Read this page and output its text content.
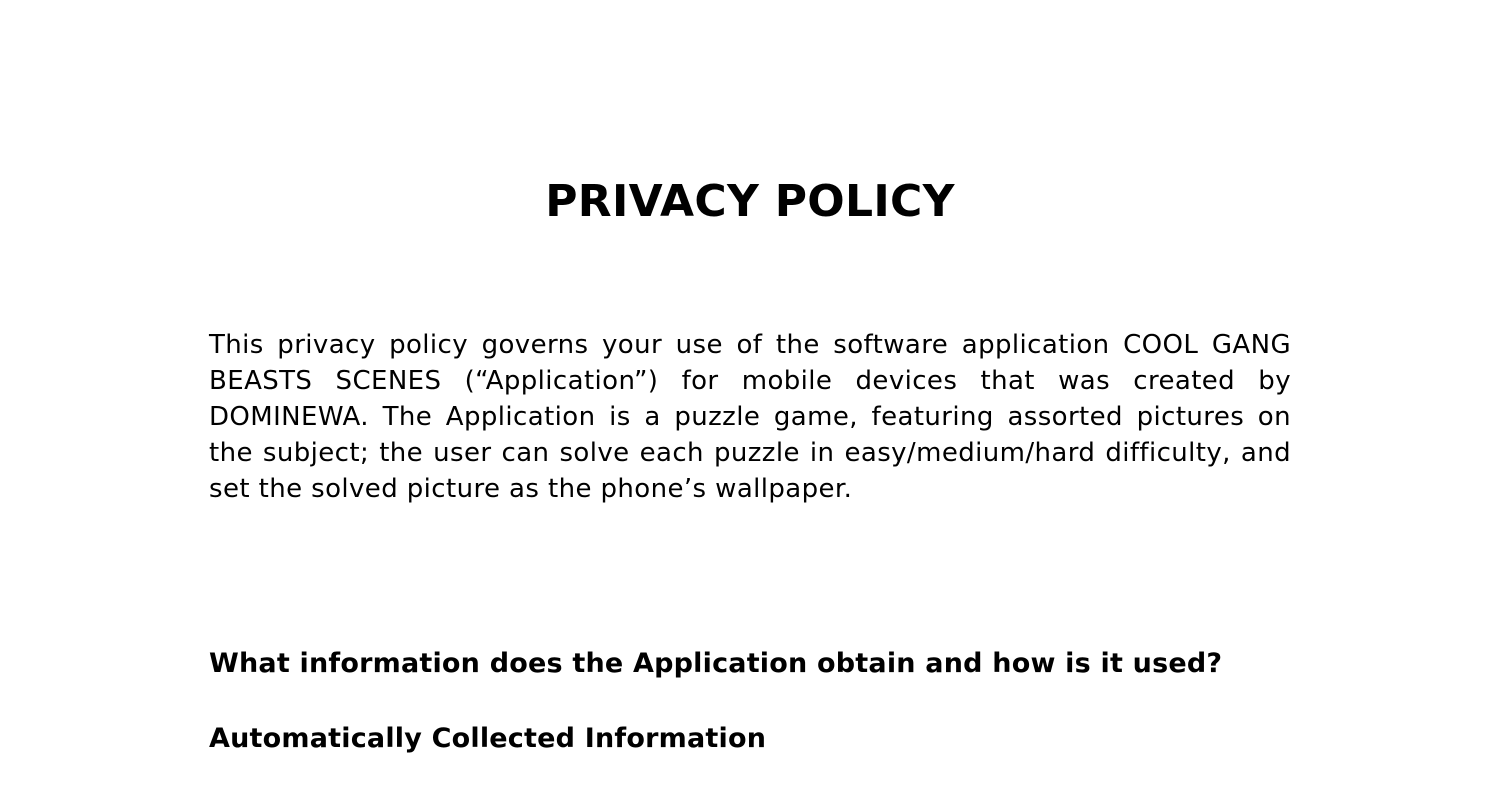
PRIVACY POLICY

This privacy policy governs your use of the software application COOL GANG BEASTS SCENES (“Application”) for mobile devices that was created by DOMINEWA. The Application is a puzzle game, featuring assorted pictures on the subject; the user can solve each puzzle in easy/medium/hard difficulty, and set the solved picture as the phone’s wallpaper.

What information does the Application obtain and how is it used?
Automatically Collected Information
